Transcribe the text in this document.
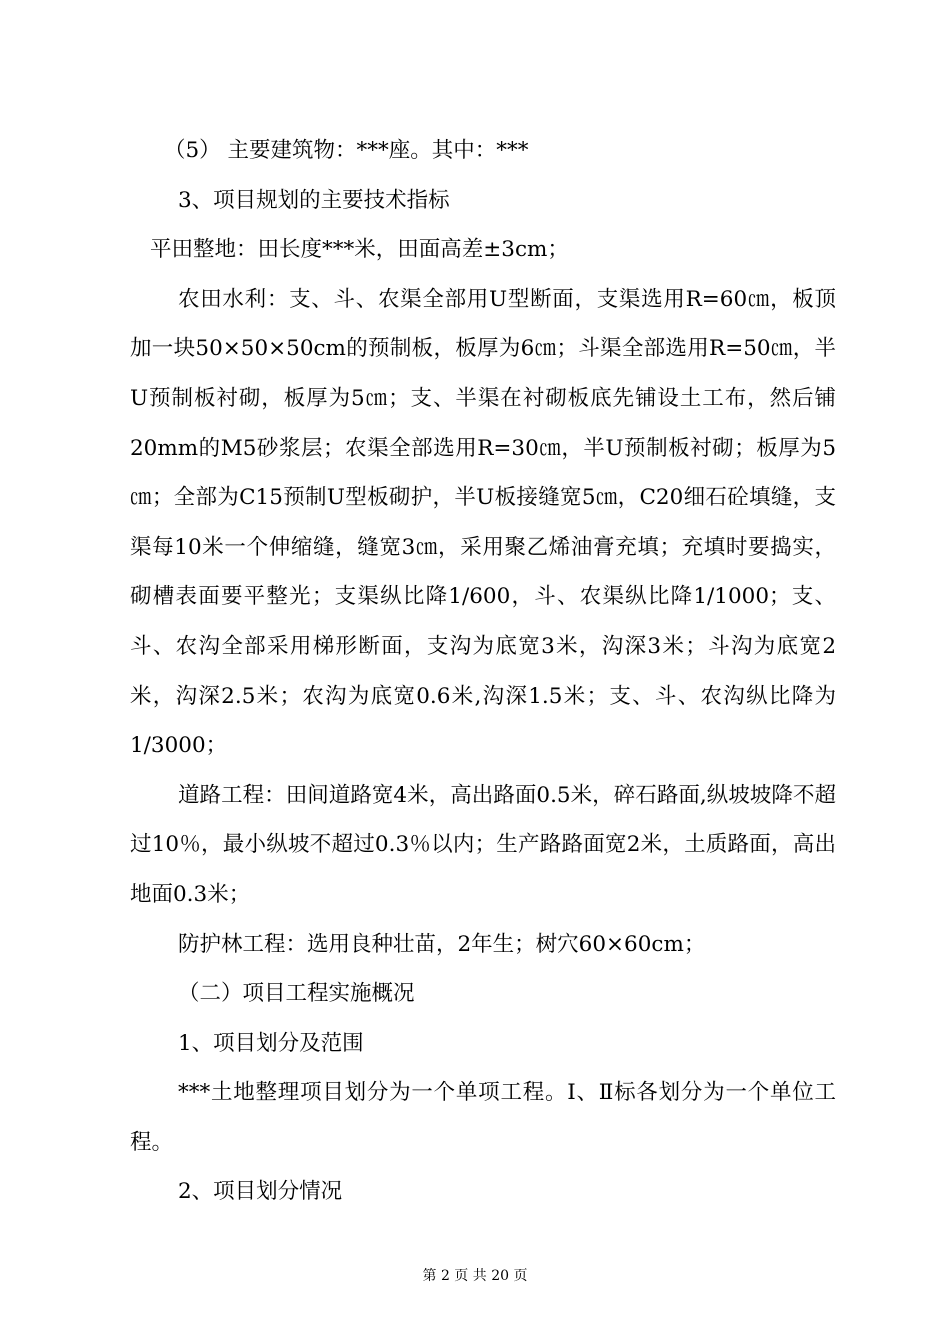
（5） 主要建筑物：***座。其中：***

3、项目规划的主要技术指标

平田整地：田长度***米，田面高差±3cm；

农田水利：支、斗、农渠全部用U型断面，支渠选用R=60㎝，板顶加一块50×50×50cm的预制板，板厚为6㎝；斗渠全部选用R=50㎝，半U预制板衬砌，板厚为5㎝；支、半渠在衬砌板底先铺设土工布，然后铺20mm的M5砂浆层；农渠全部选用R=30㎝，半U预制板衬砌；板厚为5㎝；全部为C15预制U型板砌护，半U板接缝宽5㎝，C20细石砼填缝，支渠每10米一个伸缩缝，缝宽3㎝，采用聚乙烯油膏充填；充填时要捣实，砌槽表面要平整光；支渠纵比降1/600，斗、农渠纵比降1/1000；支、斗、农沟全部采用梯形断面，支沟为底宽3米，沟深3米；斗沟为底宽2米，沟深2.5米；农沟为底宽0.6米,沟深1.5米；支、斗、农沟纵比降为1/3000；

道路工程：田间道路宽4米，高出路面0.5米，碎石路面,纵坡坡降不超过10％，最小纵坡不超过0.3％以内；生产路路面宽2米，土质路面，高出地面0.3米；

防护林工程：选用良种壮苗，2年生；树穴60×60cm；

（二）项目工程实施概况

1、项目划分及范围

***土地整理项目划分为一个单项工程。Ⅰ、Ⅱ标各划分为一个单位工程。

2、项目划分情况

第 2 页 共 20 页
